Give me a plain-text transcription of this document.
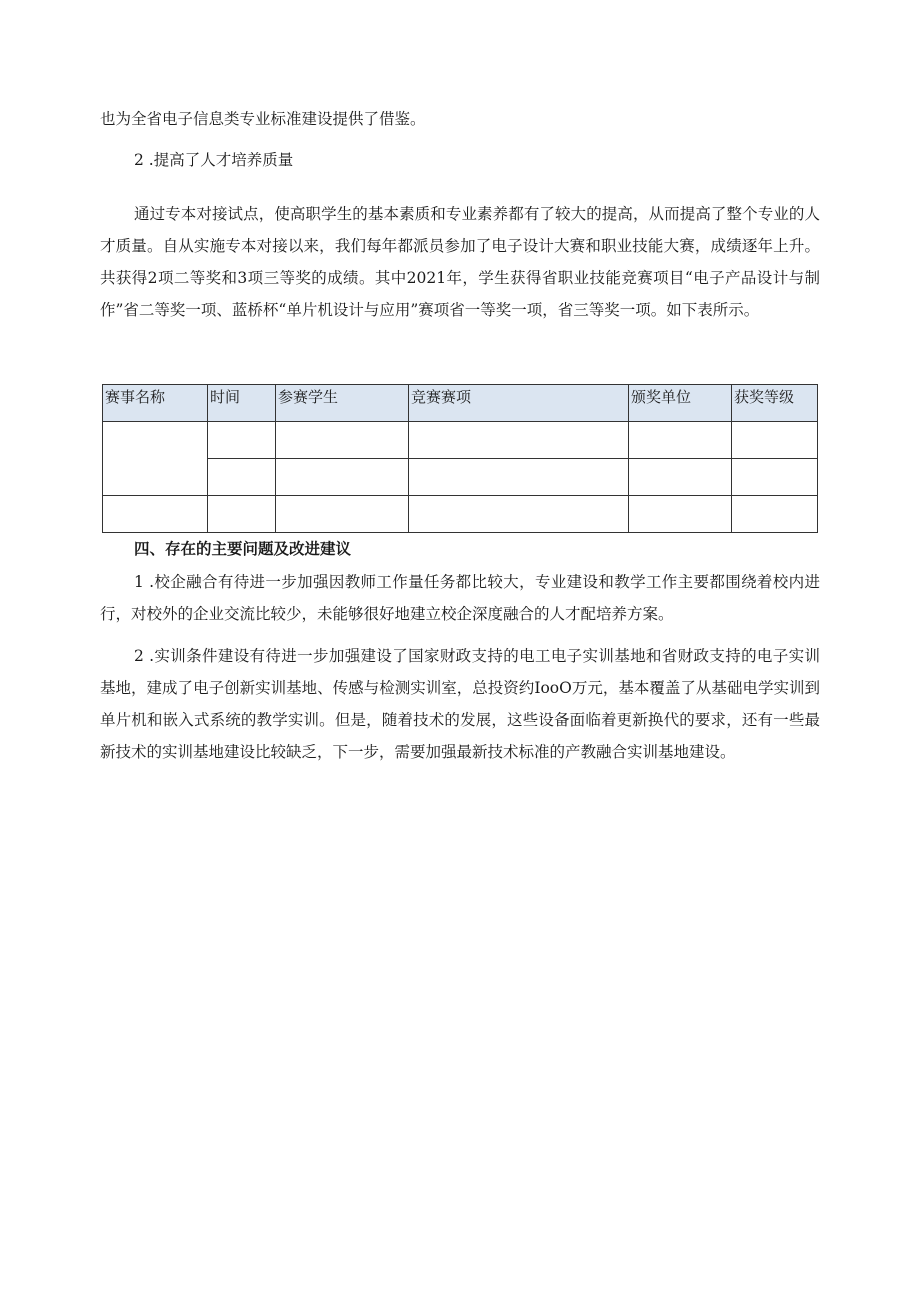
也为全省电子信息类专业标准建设提供了借鉴。

2 .提高了人才培养质量

通过专本对接试点，使高职学生的基本素质和专业素养都有了较大的提高，从而提高了整个专业的人才质量。自从实施专本对接以来，我们每年都派员参加了电子设计大赛和职业技能大赛，成绩逐年上升。共获得2项二等奖和3项三等奖的成绩。其中2021年，学生获得省职业技能竞赛项目“电子产品设计与制作”省二等奖一项、蓝桥杯“单片机设计与应用”赛项省一等奖一项，省三等奖一项。如下表所示。

赛事名称	时间	参赛学生	竞赛赛项	颁奖单位	获奖等级

四、存在的主要问题及改进建议

1 .校企融合有待进一步加强因教师工作量任务都比较大，专业建设和教学工作主要都围绕着校内进行，对校外的企业交流比较少，未能够很好地建立校企深度融合的人才配培养方案。

2 .实训条件建设有待进一步加强建设了国家财政支持的电工电子实训基地和省财政支持的电子实训基地，建成了电子创新实训基地、传感与检测实训室，总投资约IooO万元，基本覆盖了从基础电学实训到单片机和嵌入式系统的教学实训。但是，随着技术的发展，这些设备面临着更新换代的要求，还有一些最新技术的实训基地建设比较缺乏，下一步，需要加强最新技术标准的产教融合实训基地建设。
